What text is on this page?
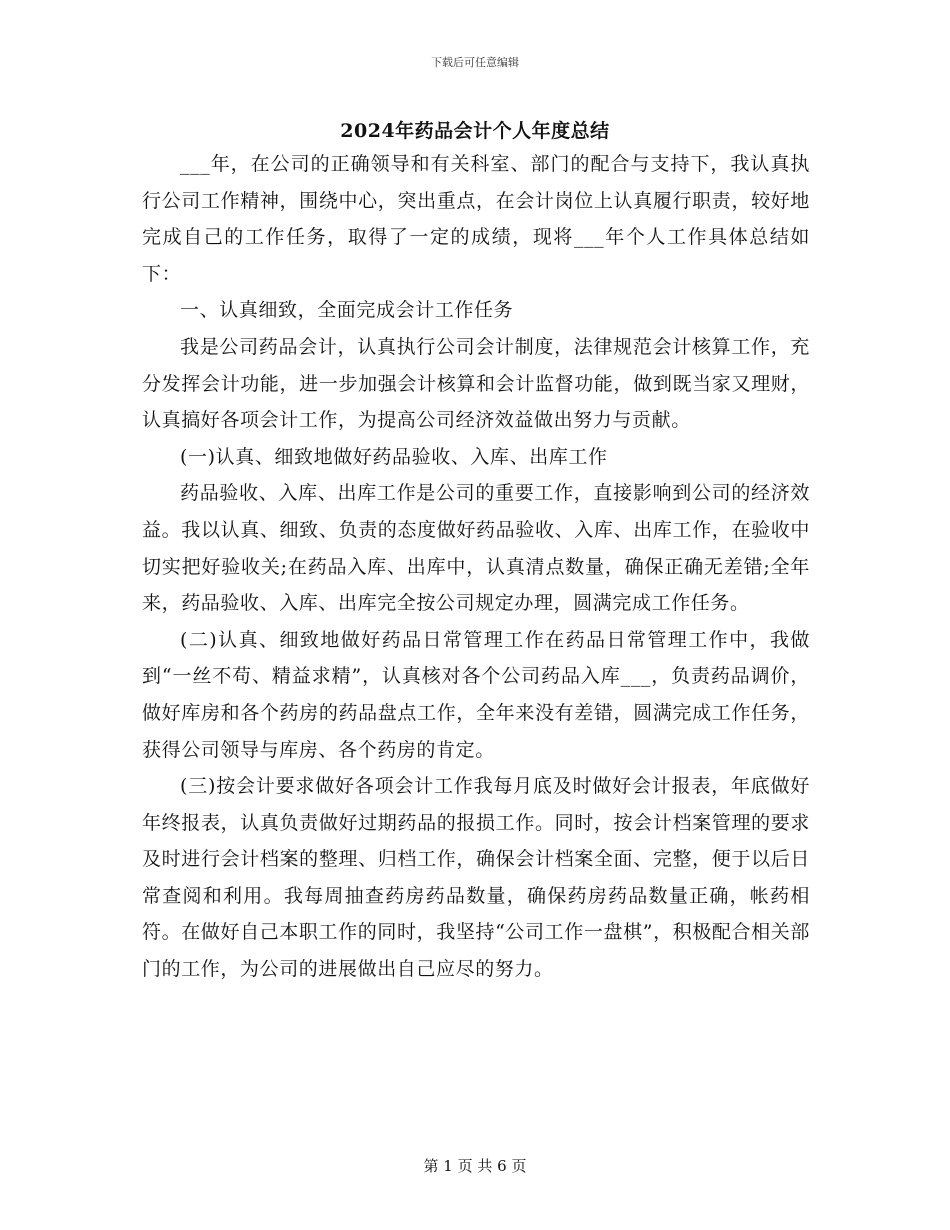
下载后可任意编辑
2024年药品会计个人年度总结

___年，在公司的正确领导和有关科室、部门的配合与支持下，我认真执行公司工作精神，围绕中心，突出重点，在会计岗位上认真履行职责，较好地完成自己的工作任务，取得了一定的成绩，现将___年个人工作具体总结如下：

一、认真细致，全面完成会计工作任务

我是公司药品会计，认真执行公司会计制度，法律规范会计核算工作，充分发挥会计功能，进一步加强会计核算和会计监督功能，做到既当家又理财，认真搞好各项会计工作，为提高公司经济效益做出努力与贡献。

(一)认真、细致地做好药品验收、入库、出库工作

药品验收、入库、出库工作是公司的重要工作，直接影响到公司的经济效益。我以认真、细致、负责的态度做好药品验收、入库、出库工作，在验收中切实把好验收关;在药品入库、出库中，认真清点数量，确保正确无差错;全年来，药品验收、入库、出库完全按公司规定办理，圆满完成工作任务。

(二)认真、细致地做好药品日常管理工作在药品日常管理工作中，我做到“一丝不苟、精益求精”，认真核对各个公司药品入库___，负责药品调价，做好库房和各个药房的药品盘点工作，全年来没有差错，圆满完成工作任务，获得公司领导与库房、各个药房的肯定。

(三)按会计要求做好各项会计工作我每月底及时做好会计报表，年底做好年终报表，认真负责做好过期药品的报损工作。同时，按会计档案管理的要求及时进行会计档案的整理、归档工作，确保会计档案全面、完整，便于以后日常查阅和利用。我每周抽查药房药品数量，确保药房药品数量正确，帐药相符。在做好自己本职工作的同时，我坚持“公司工作一盘棋”，积极配合相关部门的工作，为公司的进展做出自己应尽的努力。

第 1 页 共 6 页
